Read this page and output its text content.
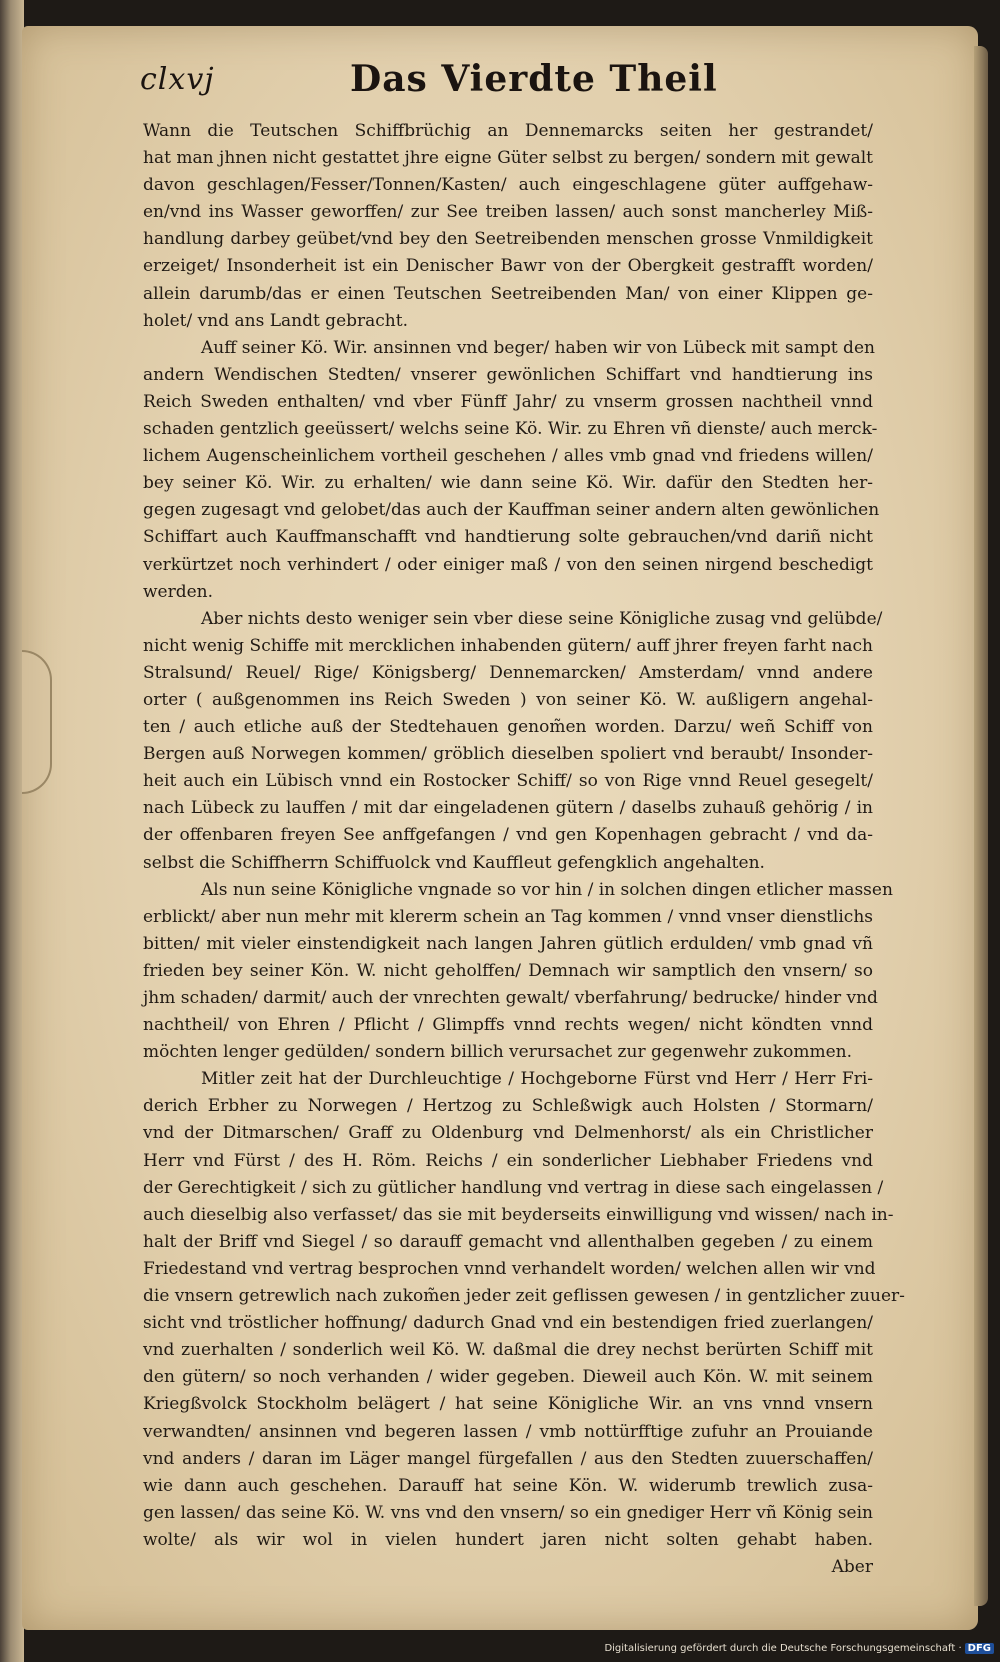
clxvj	Das Vierdte Theil
Wann die Teutschen Schiffbrüchig an Dennemarcks seiten her gestrandet/
hat man jhnen nicht gestattet jhre eigne Güter selbst zu bergen/ sondern mit gewalt
davon geschlagen/Fesser/Tonnen/Kasten/ auch eingeschlagene güter auffgehaw-
en/vnd ins Wasser geworffen/ zur See treiben lassen/ auch sonst mancherley Miß-
handlung darbey geübet/vnd bey den Seetreibenden menschen grosse Vnmildigkeit
erzeiget/ Insonderheit ist ein Denischer Bawr von der Obergkeit gestrafft worden/
allein darumb/das er einen Teutschen Seetreibenden Man/ von einer Klippen ge-
holet/ vnd ans Landt gebracht.
Auff seiner Kö. Wir. ansinnen vnd beger/ haben wir von Lübeck mit sampt den
andern Wendischen Stedten/ vnserer gewönlichen Schiffart vnd handtierung ins
Reich Sweden enthalten/ vnd vber Fünff Jahr/ zu vnserm grossen nachtheil vnnd
schaden gentzlich geeüssert/ welchs seine Kö. Wir. zu Ehren vñ dienste/ auch merck-
lichem Augenscheinlichem vortheil geschehen / alles vmb gnad vnd friedens willen/
bey seiner Kö. Wir. zu erhalten/ wie dann seine Kö. Wir. dafür den Stedten her-
gegen zugesagt vnd gelobet/das auch der Kauffman seiner andern alten gewönlichen
Schiffart auch Kauffmanschafft vnd handtierung solte gebrauchen/vnd dariñ nicht
verkürtzet noch verhindert / oder einiger maß / von den seinen nirgend beschedigt
werden.
Aber nichts desto weniger sein vber diese seine Königliche zusag vnd gelübde/
nicht wenig Schiffe mit mercklichen inhabenden gütern/ auff jhrer freyen farht nach
Stralsund/ Reuel/ Rige/ Königsberg/ Dennemarcken/ Amsterdam/ vnnd andere
orter ( außgenommen ins Reich Sweden ) von seiner Kö. W. außligern angehal-
ten / auch etliche auß der Stedtehauen genom̃en worden. Darzu/ weñ Schiff von
Bergen auß Norwegen kommen/ gröblich dieselben spoliert vnd beraubt/ Insonder-
heit auch ein Lübisch vnnd ein Rostocker Schiff/ so von Rige vnnd Reuel gesegelt/
nach Lübeck zu lauffen / mit dar eingeladenen gütern / daselbs zuhauß gehörig / in
der offenbaren freyen See anffgefangen / vnd gen Kopenhagen gebracht / vnd da-
selbst die Schiffherrn Schiffuolck vnd Kauffleut gefengklich angehalten.
Als nun seine Königliche vngnade so vor hin / in solchen dingen etlicher massen
erblickt/ aber nun mehr mit klererm schein an Tag kommen / vnnd vnser dienstlichs
bitten/ mit vieler einstendigkeit nach langen Jahren gütlich erdulden/ vmb gnad vñ
frieden bey seiner Kön. W. nicht geholffen/ Demnach wir samptlich den vnsern/ so
jhm schaden/ darmit/ auch der vnrechten gewalt/ vberfahrung/ bedrucke/ hinder vnd
nachtheil/ von Ehren / Pflicht / Glimpffs vnnd rechts wegen/ nicht köndten vnnd
möchten lenger gedülden/ sondern billich verursachet zur gegenwehr zukommen.
Mitler zeit hat der Durchleuchtige / Hochgeborne Fürst vnd Herr / Herr Fri-
derich Erbher zu Norwegen / Hertzog zu Schleßwigk auch Holsten / Stormarn/
vnd der Ditmarschen/ Graff zu Oldenburg vnd Delmenhorst/ als ein Christlicher
Herr vnd Fürst / des H. Röm. Reichs / ein sonderlicher Liebhaber Friedens vnd
der Gerechtigkeit / sich zu gütlicher handlung vnd vertrag in diese sach eingelassen /
auch dieselbig also verfasset/ das sie mit beyderseits einwilligung vnd wissen/ nach in-
halt der Briff vnd Siegel / so darauff gemacht vnd allenthalben gegeben / zu einem
Friedestand vnd vertrag besprochen vnnd verhandelt worden/ welchen allen wir vnd
die vnsern getrewlich nach zukom̃en jeder zeit geflissen gewesen / in gentzlicher zuuer-
sicht vnd tröstlicher hoffnung/ dadurch Gnad vnd ein bestendigen fried zuerlangen/
vnd zuerhalten / sonderlich weil Kö. W. daßmal die drey nechst berürten Schiff mit
den gütern/ so noch verhanden / wider gegeben. Dieweil auch Kön. W. mit seinem
Kriegßvolck Stockholm belägert / hat seine Königliche Wir. an vns vnnd vnsern
verwandten/ ansinnen vnd begeren lassen / vmb nottürfftige zufuhr an Prouiande
vnd anders / daran im Läger mangel fürgefallen / aus den Stedten zuuerschaffen/
wie dann auch geschehen. Darauff hat seine Kön. W. widerumb trewlich zusa-
gen lassen/ das seine Kö. W. vns vnd den vnsern/ so ein gnediger Herr vñ König sein
wolte/ als wir wol in vielen hundert jaren nicht solten gehabt haben.
Aber
Digitalisierung gefördert durch die Deutsche Forschungsgemeinschaft · DFG
